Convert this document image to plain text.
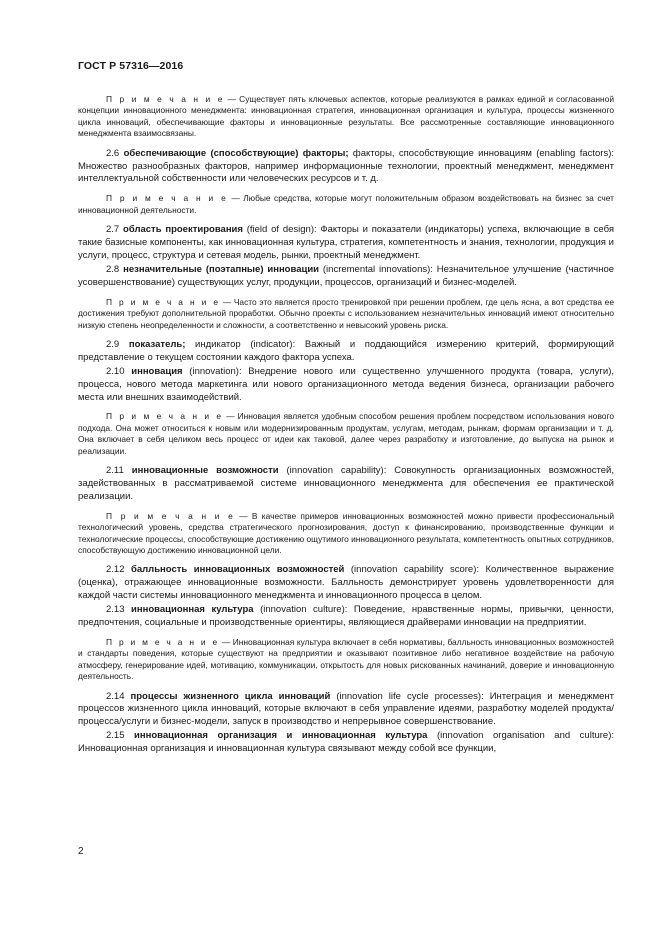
ГОСТ Р 57316—2016

П р и м е ч а н и е — Существует пять ключевых аспектов, которые реализуются в рамках единой и согласованной концепции инновационного менеджмента: инновационная стратегия, инновационная организация и культура, процессы жизненного цикла инноваций, обеспечивающие факторы и инновационные результаты. Все рассмотренные составляющие инновационного менеджмента взаимосвязаны.

2.6 обеспечивающие (способствующие) факторы; факторы, способствующие инновациям (enabling factors): Множество разнообразных факторов, например информационные технологии, проектный менеджмент, менеджмент интеллектуальной собственности или человеческих ресурсов и т. д.

П р и м е ч а н и е — Любые средства, которые могут положительным образом воздействовать на бизнес за счет инновационной деятельности.

2.7 область проектирования (field of design): Факторы и показатели (индикаторы) успеха, включающие в себя такие базисные компоненты, как инновационная культура, стратегия, компетентность и знания, технологии, продукция и услуги, процесс, структура и сетевая модель, рынки, проектный менеджмент.

2.8 незначительные (поэтапные) инновации (incremental innovations): Незначительное улучшение (частичное усовершенствование) существующих услуг, продукции, процессов, организаций и бизнес-моделей.

П р и м е ч а н и е — Часто это является просто тренировкой при решении проблем, где цель ясна, а вот средства ее достижения требуют дополнительной проработки. Обычно проекты с использованием незначительных инноваций имеют относительно низкую степень неопределенности и сложности, а соответственно и невысокий уровень риска.

2.9 показатель; индикатор (indicator): Важный и поддающийся измерению критерий, формирующий представление о текущем состоянии каждого фактора успеха.

2.10 инновация (innovation): Внедрение нового или существенно улучшенного продукта (товара, услуги), процесса, нового метода маркетинга или нового организационного метода ведения бизнеса, организации рабочего места или внешних взаимодействий.

П р и м е ч а н и е — Инновация является удобным способом решения проблем посредством использования нового подхода. Она может относиться к новым или модернизированным продуктам, услугам, методам, рынкам, формам организации и т. д. Она включает в себя целиком весь процесс от идеи как таковой, далее через разработку и изготовление, до выпуска на рынок и реализации.

2.11 инновационные возможности (innovation capability): Совокупность организационных возможностей, задействованных в рассматриваемой системе инновационного менеджмента для обеспечения ее практической реализации.

П р и м е ч а н и е — В качестве примеров инновационных возможностей можно привести профессиональный технологический уровень, средства стратегического прогнозирования, доступ к финансированию, производственные функции и технологические процессы, способствующие достижению ощутимого инновационного результата, компетентность опытных сотрудников, способствующую достижению инновационной цели.

2.12 балльность инновационных возможностей (innovation capability score): Количественное выражение (оценка), отражающее инновационные возможности. Балльность демонстрирует уровень удовлетворенности для каждой части системы инновационного менеджмента и инновационного процесса в целом.

2.13 инновационная культура (innovation culture): Поведение, нравственные нормы, привычки, ценности, предпочтения, социальные и производственные ориентиры, являющиеся драйверами инновации на предприятии.

П р и м е ч а н и е — Инновационная культура включает в себя нормативы, балльность инновационных возможностей и стандарты поведения, которые существуют на предприятии и оказывают позитивное либо негативное воздействие на рабочую атмосферу, генерирование идей, мотивацию, коммуникации, открытость для новых рискованных начинаний, доверие и инновационную деятельность.

2.14 процессы жизненного цикла инноваций (innovation life cycle processes): Интеграция и менеджмент процессов жизненного цикла инноваций, которые включают в себя управление идеями, разработку моделей продукта/процесса/услуги и бизнес-модели, запуск в производство и непрерывное совершенствование.

2.15 инновационная организация и инновационная культура (innovation organisation and culture): Инновационная организация и инновационная культура связывают между собой все функции,

2
